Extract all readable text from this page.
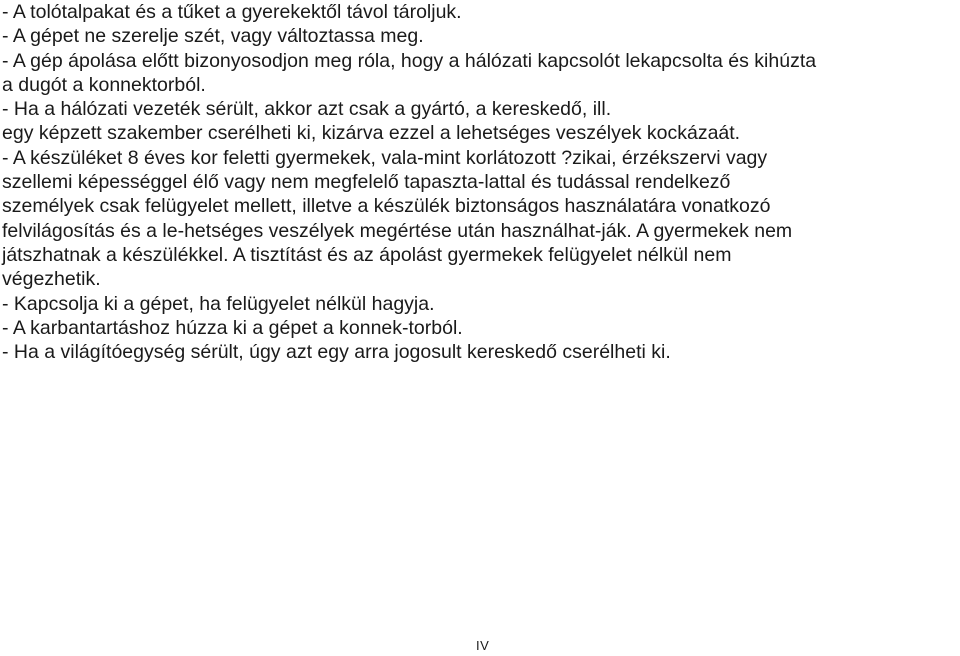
- A tolótalpakat és a tűket a gyerekektől távol tároljuk.
- A gépet ne szerelje szét, vagy változtassa meg.
- A gép ápolása előtt bizonyosodjon meg róla, hogy a hálózati kapcsolót lekapcsolta és kihúzta
a dugót a konnektorból.
- Ha a hálózati vezeték sérült, akkor azt csak a gyártó, a kereskedő, ill.
egy képzett szakember cserélheti ki, kizárva ezzel a lehetséges veszélyek kockázaát.
- A készüléket 8 éves kor feletti gyermekek, vala-mint korlátozott ?zikai, érzékszervi vagy
szellemi képességgel élő vagy nem megfelelő tapaszta-lattal és tudással rendelkező
személyek csak felügyelet mellett, illetve a készülék biztonságos használatára vonatkozó
felvilágosítás és a le-hetséges veszélyek megértése után használhat-ják. A gyermekek nem
játszhatnak a készülékkel. A tisztítást és az ápolást gyermekek felügyelet nélkül nem
végezhetik.
- Kapcsolja ki a gépet, ha felügyelet nélkül hagyja.
- A karbantartáshoz húzza ki a gépet a konnek-torból.
- Ha a világítóegység sérült, úgy azt egy arra jogosult kereskedő cserélheti ki.
IV
